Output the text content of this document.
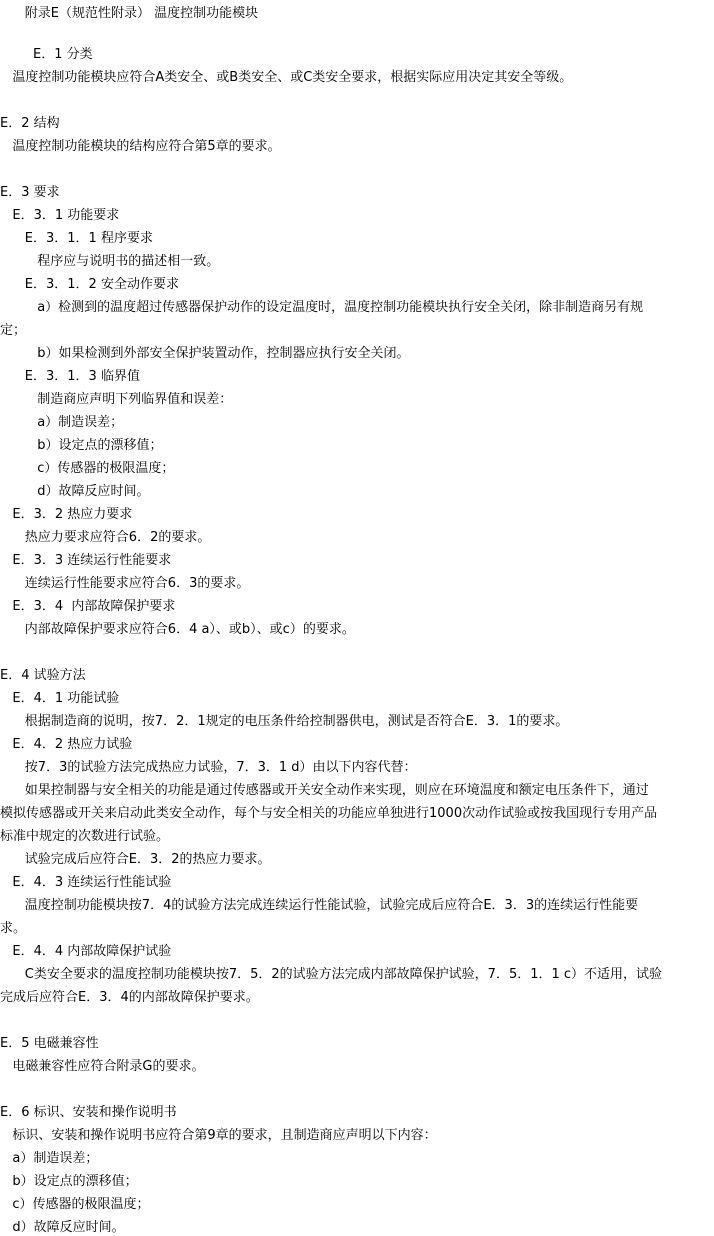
附录E（规范性附录） 温度控制功能模块
E．1 分类
温度控制功能模块应符合A类安全、或B类安全、或C类安全要求，根据实际应用决定其安全等级。
E．2 结构
温度控制功能模块的结构应符合第5章的要求。
E．3 要求
E．3．1 功能要求
E．3．1．1 程序要求
程序应与说明书的描述相一致。
E．3．1．2 安全动作要求
a）检测到的温度超过传感器保护动作的设定温度时，温度控制功能模块执行安全关闭，除非制造商另有规
定；
b）如果检测到外部安全保护装置动作，控制器应执行安全关闭。
E．3．1．3 临界值
制造商应声明下列临界值和误差：
a）制造误差；
b）设定点的漂移值；
c）传感器的极限温度；
d）故障反应时间。
E．3．2 热应力要求
热应力要求应符合6．2的要求。
E．3．3 连续运行性能要求
连续运行性能要求应符合6．3的要求。
E．3．4  内部故障保护要求
内部故障保护要求应符合6．4 a）、或b）、或c）的要求。
E．4 试验方法
E．4．1 功能试验
根据制造商的说明，按7．2．1规定的电压条件给控制器供电，测试是否符合E．3．1的要求。
E．4．2 热应力试验
按7．3的试验方法完成热应力试验，7．3．1 d）由以下内容代替：
如果控制器与安全相关的功能是通过传感器或开关安全动作来实现，则应在环境温度和额定电压条件下，通过
模拟传感器或开关来启动此类安全动作，每个与安全相关的功能应单独进行1000次动作试验或按我国现行专用产品
标准中规定的次数进行试验。
试验完成后应符合E．3．2的热应力要求。
E．4．3 连续运行性能试验
温度控制功能模块按7．4的试验方法完成连续运行性能试验，试验完成后应符合E．3．3的连续运行性能要
求。
E．4．4 内部故障保护试验
C类安全要求的温度控制功能模块按7．5．2的试验方法完成内部故障保护试验，7．5．1．1 c）不适用，试验
完成后应符合E．3．4的内部故障保护要求。
E．5 电磁兼容性
电磁兼容性应符合附录G的要求。
E．6 标识、安装和操作说明书
标识、安装和操作说明书应符合第9章的要求，且制造商应声明以下内容：
a）制造误差；
b）设定点的漂移值；
c）传感器的极限温度；
d）故障反应时间。
